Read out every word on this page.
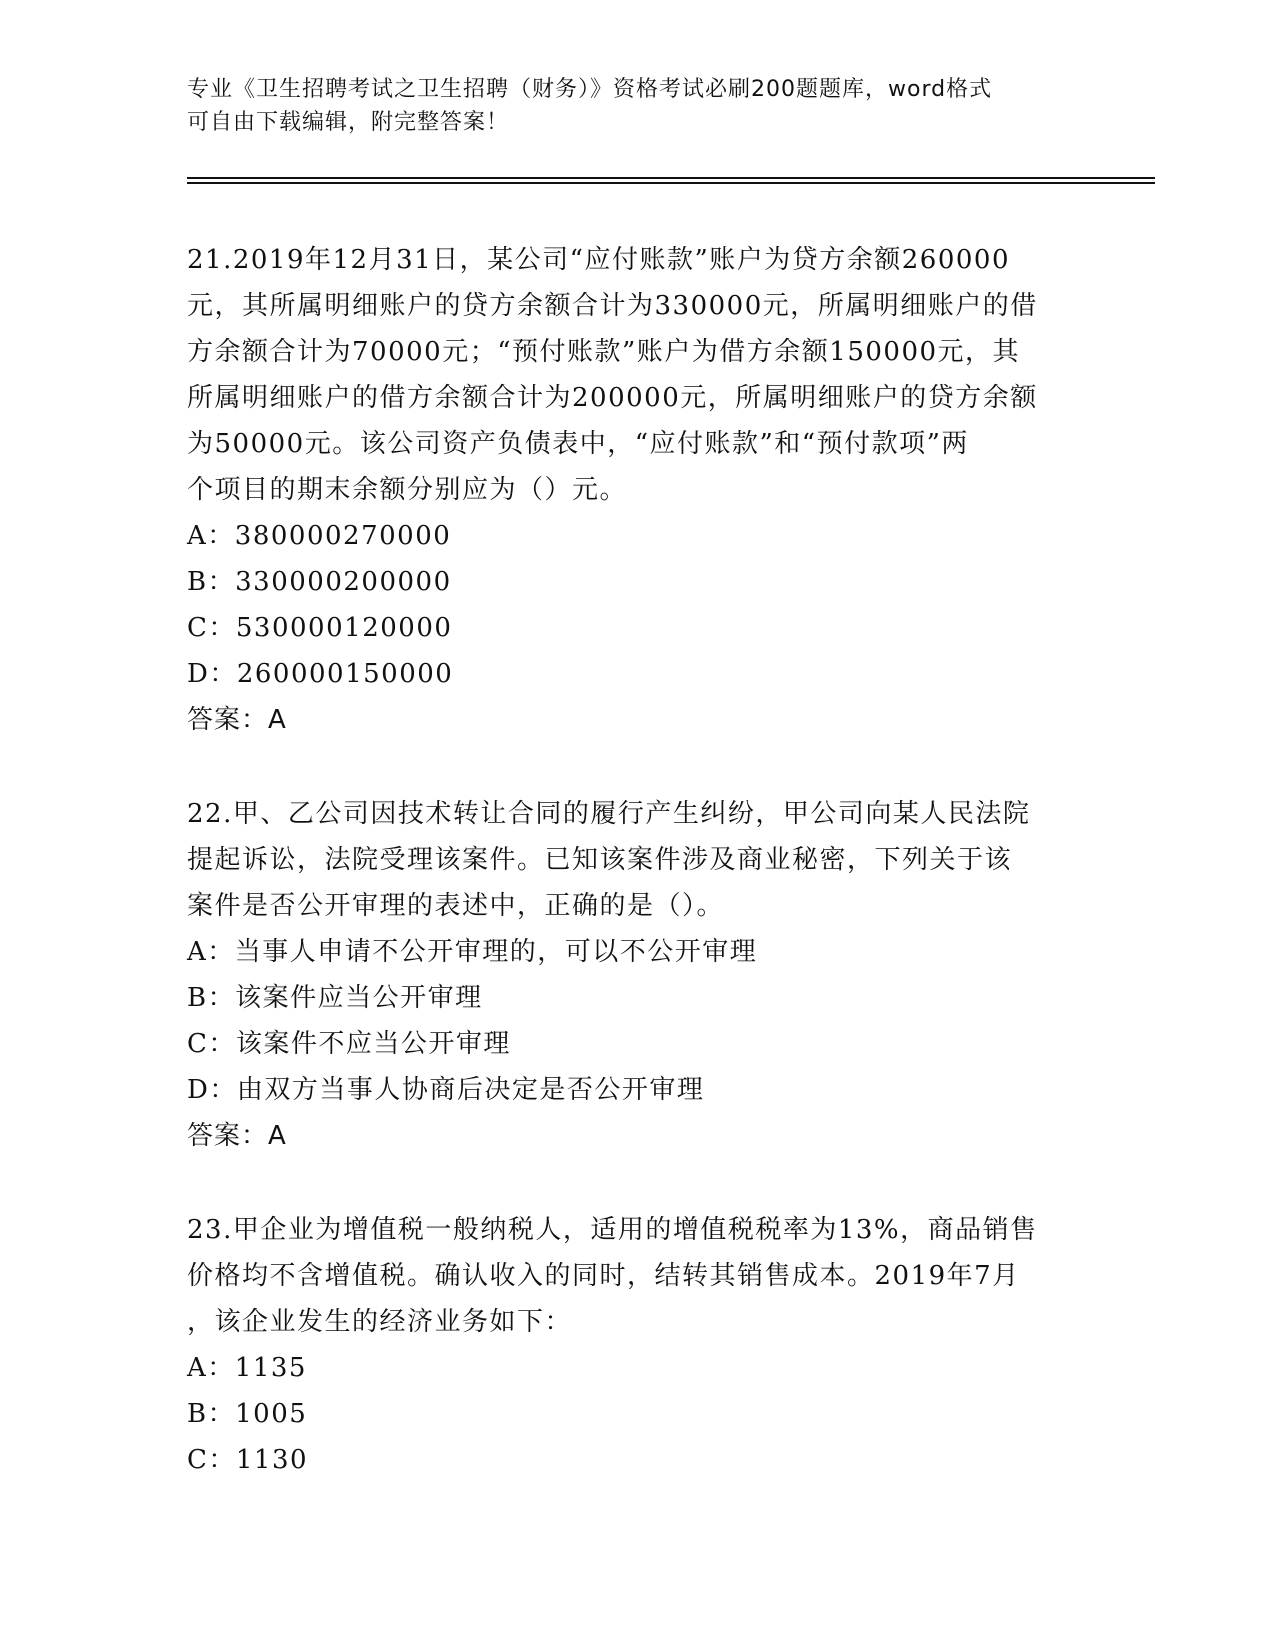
专业《卫生招聘考试之卫生招聘（财务）》资格考试必刷200题题库，word格式
可自由下载编辑，附完整答案！
21.2019年12月31日，某公司“应付账款”账户为贷方余额260000
元，其所属明细账户的贷方余额合计为330000元，所属明细账户的借
方余额合计为70000元；“预付账款”账户为借方余额150000元，其
所属明细账户的借方余额合计为200000元，所属明细账户的贷方余额
为50000元。该公司资产负债表中，“应付账款”和“预付款项”两
个项目的期末余额分别应为（）元。
A：380000270000
B：330000200000
C：530000120000
D：260000150000
答案：A
22.甲、乙公司因技术转让合同的履行产生纠纷，甲公司向某人民法院
提起诉讼，法院受理该案件。已知该案件涉及商业秘密，下列关于该
案件是否公开审理的表述中，正确的是（）。
A：当事人申请不公开审理的，可以不公开审理
B：该案件应当公开审理
C：该案件不应当公开审理
D：由双方当事人协商后决定是否公开审理
答案：A
23.甲企业为增值税一般纳税人，适用的增值税税率为13%，商品销售
价格均不含增值税。确认收入的同时，结转其销售成本。2019年7月
，该企业发生的经济业务如下：
A：1135
B：1005
C：1130
